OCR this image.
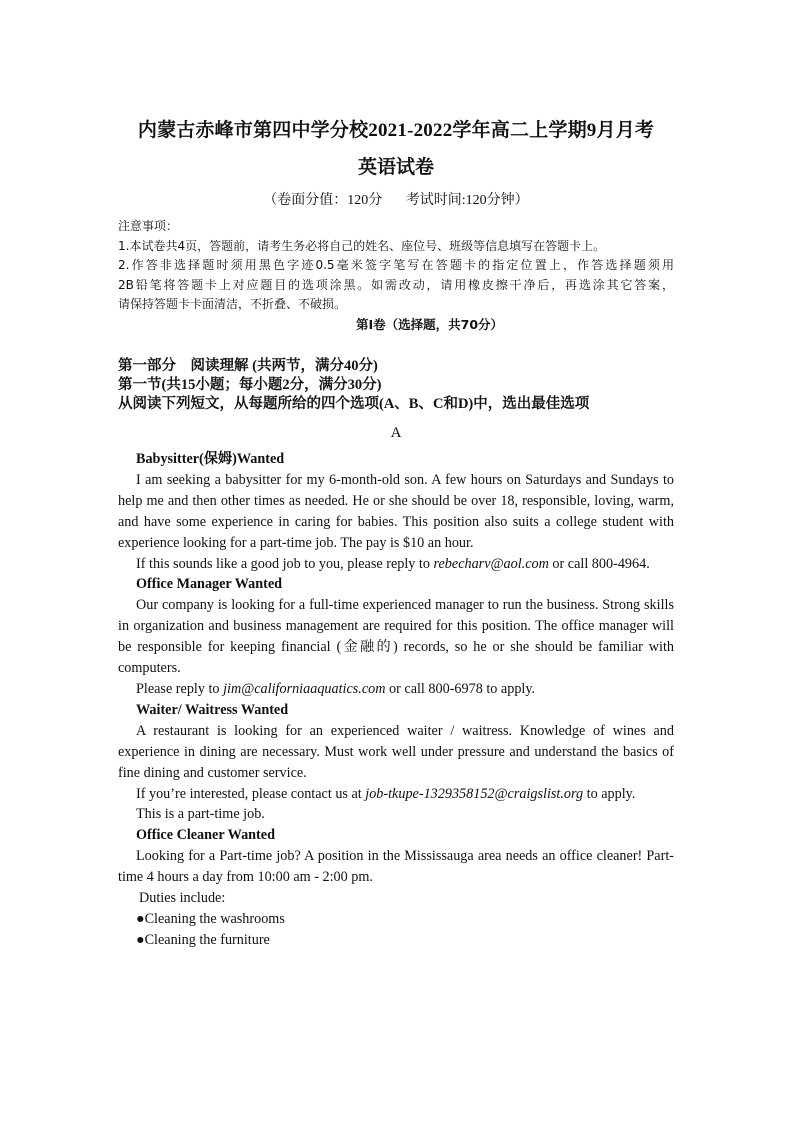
内蒙古赤峰市第四中学分校2021-2022学年高二上学期9月月考
英语试卷
（卷面分值：120分 考试时间:120分钟）
注意事项：
1.本试卷共4页，答题前，请考生务必将自己的姓名、座位号、班级等信息填写在答题卡上。
2.作答非选择题时须用黑色字迹0.5毫米签字笔写在答题卡的指定位置上，作答选择题须用
2B铅笔将答题卡上对应题目的选项涂黑。如需改动，请用橡皮擦干净后，再选涂其它答案，
请保持答题卡卡面清洁，不折叠、不破损。
第Ⅰ卷（选择题，共70分）
第一部分　阅读理解 (共两节，满分40分)
第一节(共15小题；每小题2分，满分30分)
从阅读下列短文，从每题所给的四个选项(A、B、C和D)中，选出最佳选项
A
Babysitter(保姆)Wanted

I am seeking a babysitter for my 6-month-old son. A few hours on Saturdays and Sundays to help me and then other times as needed. He or she should be over 18, responsible, loving, warm, and have some experience in caring for babies. This position also suits a college student with experience looking for a part-time job. The pay is $10 an hour.

If this sounds like a good job to you, please reply to rebecharv@aol.com or call 800-4964.

Office Manager Wanted

Our company is looking for a full-time experienced manager to run the business. Strong skills in organization and business management are required for this position. The office manager will be responsible for keeping financial (金融的) records, so he or she should be familiar with computers.

Please reply to jim@californiaaquatics.com or call 800-6978 to apply.

Waiter/ Waitress Wanted

A restaurant is looking for an experienced waiter / waitress. Knowledge of wines and experience in dining are necessary. Must work well under pressure and understand the basics of fine dining and customer service.

If you’re interested, please contact us at job-tkupe-1329358152@craigslist.org to apply.

This is a part-time job.

Office Cleaner Wanted

Looking for a Part-time job? A position in the Mississauga area needs an office cleaner! Part-time 4 hours a day from 10:00 am - 2:00 pm.

Duties include:

●Cleaning the washrooms
●Cleaning the furniture
